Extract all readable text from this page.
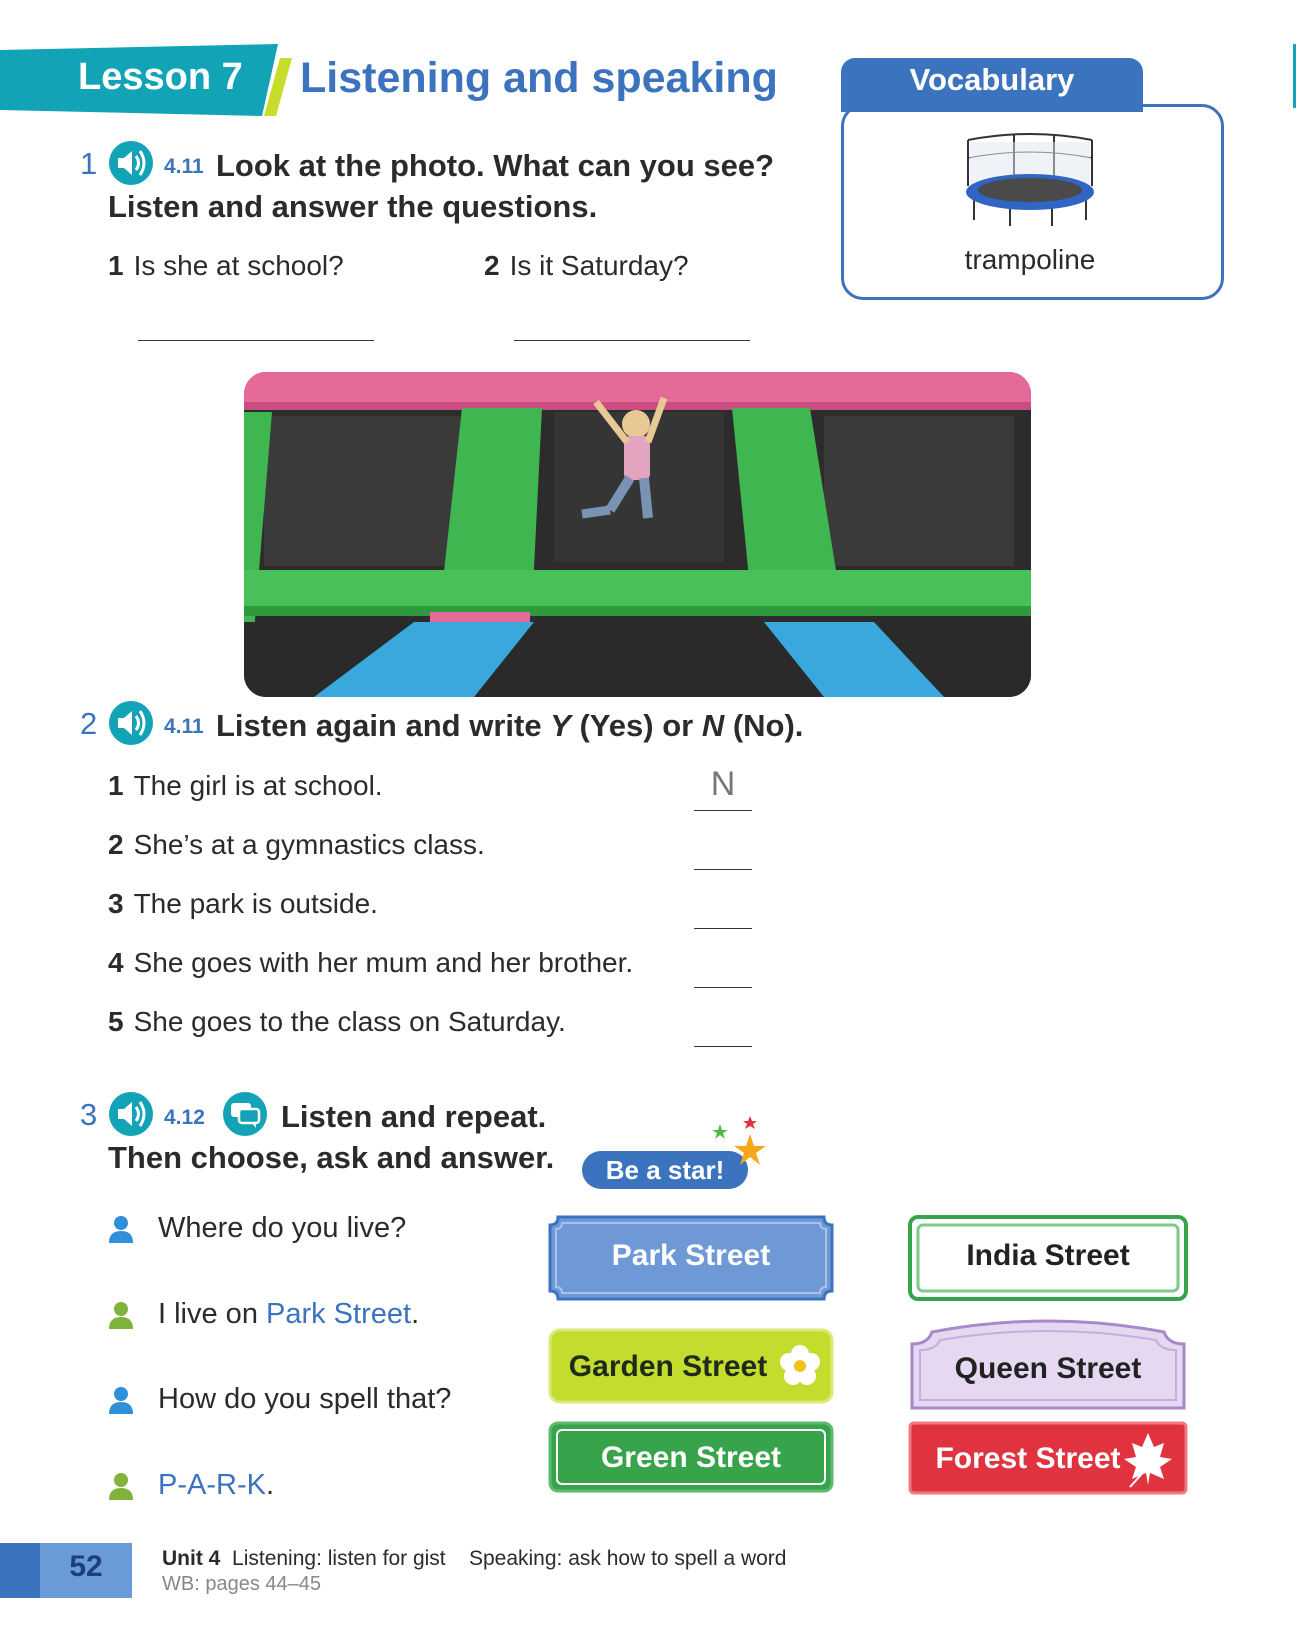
Lesson 7 Listening and speaking	Vocabulary
trampoline
1	4.11 Look at the photo. What can you see?
Listen and answer the questions.
1 Is she at school?	2 Is it Saturday?
2	4.11 Listen again and write Y (Yes) or N (No).
1 The girl is at school.	N
2 She’s at a gymnastics class.
3 The park is outside.
4 She goes with her mum and her brother.
5 She goes to the class on Saturday.
3	4.12 Listen and repeat.
Then choose, ask and answer.	Be a star!
Where do you live?
I live on Park Street.
How do you spell that?
P-A-R-K.
Park Street	India Street
Garden Street	Queen Street
Green Street	Forest Street
52	Unit 4 Listening: listen for gist Speaking: ask how to spell a word
WB: pages 44–45
